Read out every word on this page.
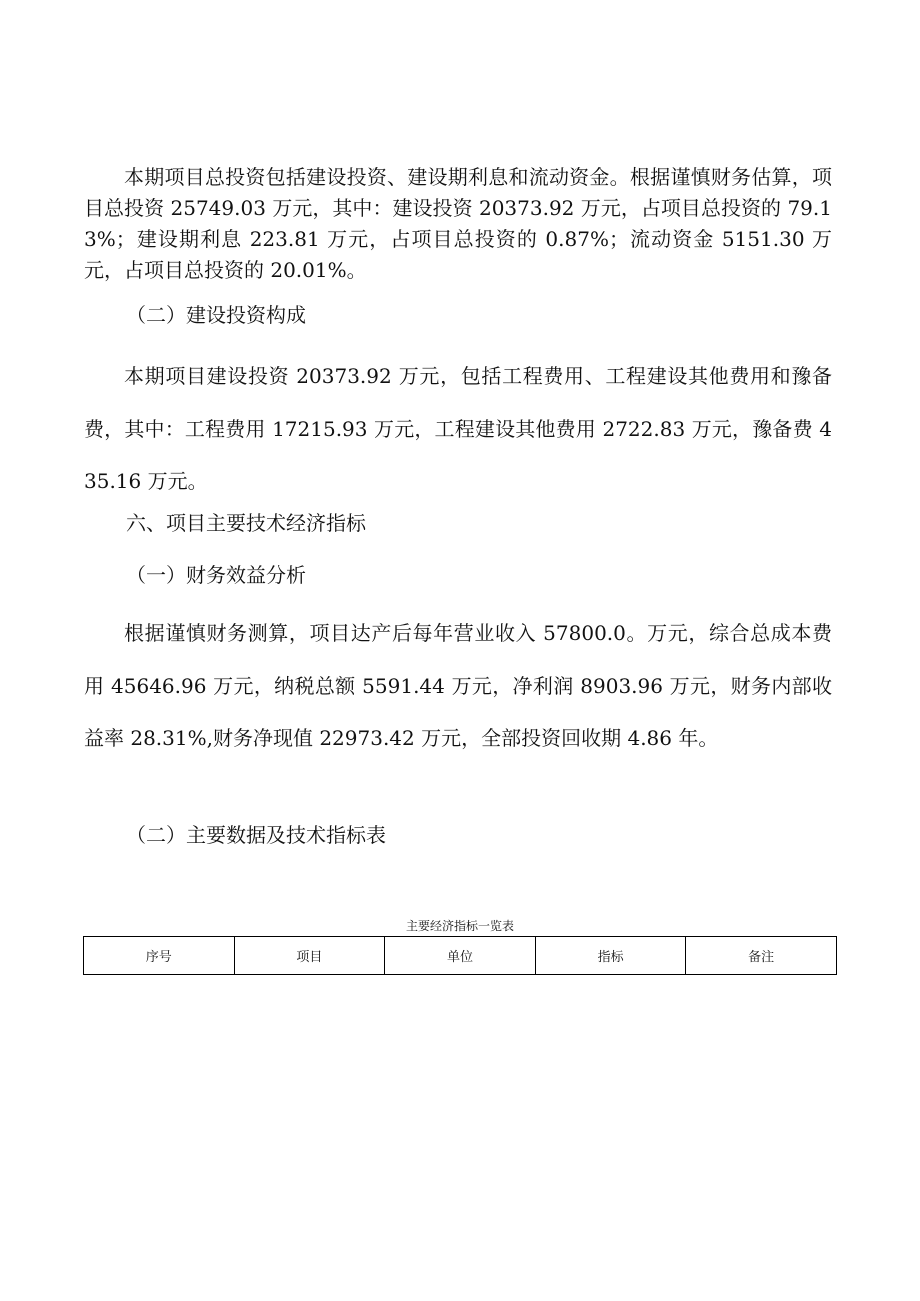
本期项目总投资包括建设投资、建设期利息和流动资金。根据谨慎财务估算，项目总投资 25749.03 万元，其中：建设投资 20373.92 万元，占项目总投资的 79.13%；建设期利息 223.81 万元，占项目总投资的 0.87%；流动资金 5151.30 万元，占项目总投资的 20.01%。

（二）建设投资构成

本期项目建设投资 20373.92 万元，包括工程费用、工程建设其他费用和豫备费，其中：工程费用 17215.93 万元，工程建设其他费用 2722.83 万元，豫备费 435.16 万元。

六、项目主要技术经济指标
（一）财务效益分析

根据谨慎财务测算，项目达产后每年营业收入 57800.0。万元，综合总成本费用 45646.96 万元，纳税总额 5591.44 万元，净利润 8903.96 万元，财务内部收益率 28.31%,财务净现值 22973.42 万元，全部投资回收期 4.86 年。

（二）主要数据及技术指标表
主要经济指标一览表
序号	项目	单位	指标	备注
